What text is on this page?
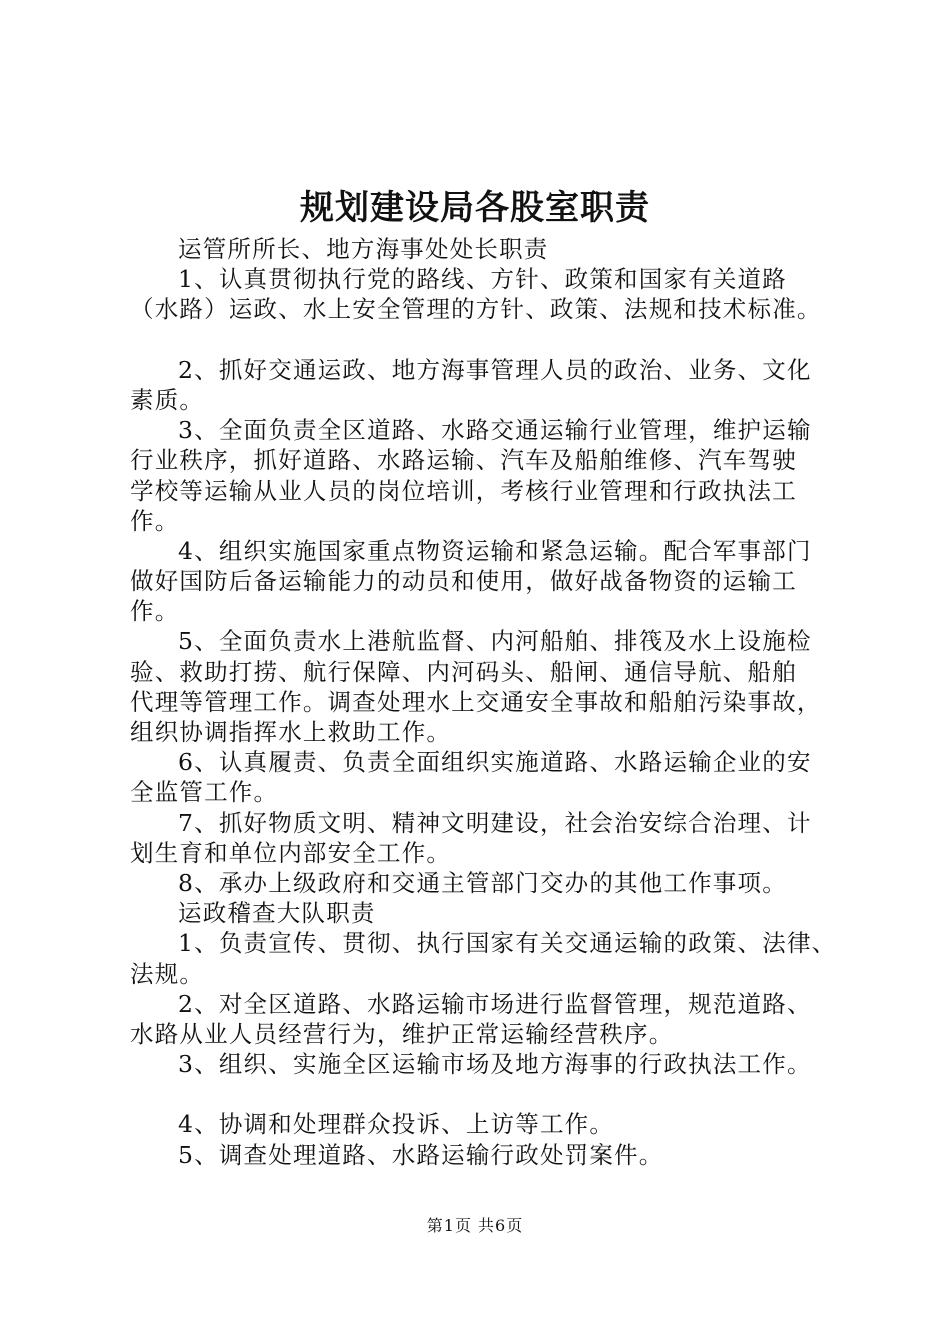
规划建设局各股室职责
运管所所长、地方海事处处长职责
1、认真贯彻执行党的路线、方针、政策和国家有关道路
（水路）运政、水上安全管理的方针、政策、法规和技术标准。
2、抓好交通运政、地方海事管理人员的政治、业务、文化
素质。
3、全面负责全区道路、水路交通运输行业管理，维护运输
行业秩序，抓好道路、水路运输、汽车及船舶维修、汽车驾驶
学校等运输从业人员的岗位培训，考核行业管理和行政执法工
作。
4、组织实施国家重点物资运输和紧急运输。配合军事部门
做好国防后备运输能力的动员和使用，做好战备物资的运输工
作。
5、全面负责水上港航监督、内河船舶、排筏及水上设施检
验、救助打捞、航行保障、内河码头、船闸、通信导航、船舶
代理等管理工作。调查处理水上交通安全事故和船舶污染事故，
组织协调指挥水上救助工作。
6、认真履责、负责全面组织实施道路、水路运输企业的安
全监管工作。
7、抓好物质文明、精神文明建设，社会治安综合治理、计
划生育和单位内部安全工作。
8、承办上级政府和交通主管部门交办的其他工作事项。
运政稽查大队职责
1、负责宣传、贯彻、执行国家有关交通运输的政策、法律、
法规。
2、对全区道路、水路运输市场进行监督管理，规范道路、
水路从业人员经营行为，维护正常运输经营秩序。
3、组织、实施全区运输市场及地方海事的行政执法工作。
4、协调和处理群众投诉、上访等工作。
5、调查处理道路、水路运输行政处罚案件。
第1页 共6页
